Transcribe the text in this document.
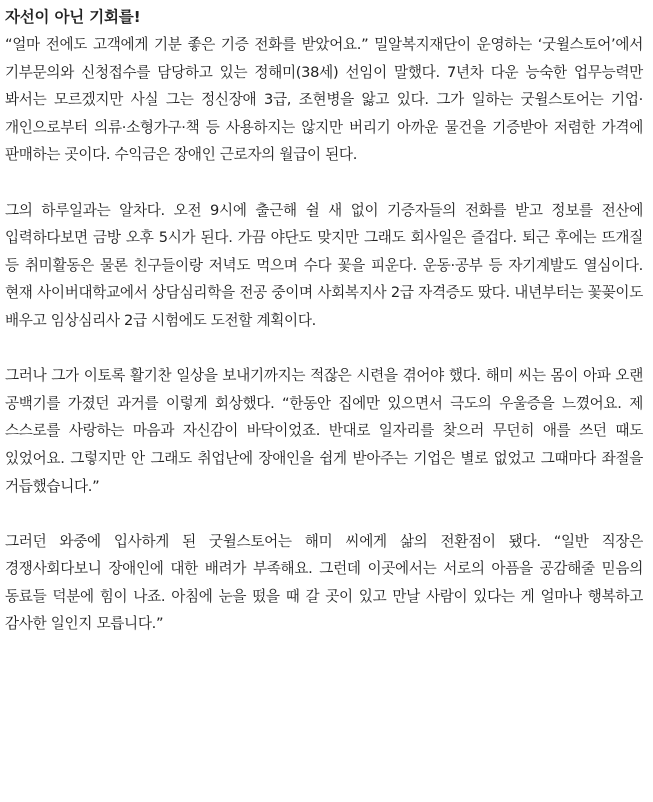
자선이 아닌 기회를!

“얼마 전에도 고객에게 기분 좋은 기증 전화를 받았어요.” 밀알복지재단이 운영하는 ‘굿윌스토어’에서 기부문의와 신청접수를 담당하고 있는 정해미(38세) 선임이 말했다. 7년차 다운 능숙한 업무능력만 봐서는 모르겠지만 사실 그는 정신장애 3급, 조현병을 앓고 있다. 그가 일하는 굿윌스토어는 기업·개인으로부터 의류·소형가구·책 등 사용하지는 않지만 버리기 아까운 물건을 기증받아 저렴한 가격에 판매하는 곳이다. 수익금은 장애인 근로자의 월급이 된다.

그의 하루일과는 알차다. 오전 9시에 출근해 쉴 새 없이 기증자들의 전화를 받고 정보를 전산에 입력하다보면 금방 오후 5시가 된다. 가끔 야단도 맞지만 그래도 회사일은 즐겁다. 퇴근 후에는 뜨개질 등 취미활동은 물론 친구들이랑 저녁도 먹으며 수다 꽃을 피운다. 운동·공부 등 자기계발도 열심이다. 현재 사이버대학교에서 상담심리학을 전공 중이며 사회복지사 2급 자격증도 땄다. 내년부터는 꽃꽂이도 배우고 임상심리사 2급 시험에도 도전할 계획이다.

그러나 그가 이토록 활기찬 일상을 보내기까지는 적잖은 시련을 겪어야 했다. 해미 씨는 몸이 아파 오랜 공백기를 가졌던 과거를 이렇게 회상했다. “한동안 집에만 있으면서 극도의 우울증을 느꼈어요. 제 스스로를 사랑하는 마음과 자신감이 바닥이었죠. 반대로 일자리를 찾으러 무던히 애를 쓰던 때도 있었어요. 그렇지만 안 그래도 취업난에 장애인을 쉽게 받아주는 기업은 별로 없었고 그때마다 좌절을 거듭했습니다.”

그러던 와중에 입사하게 된 굿윌스토어는 해미 씨에게 삶의 전환점이 됐다. “일반 직장은 경쟁사회다보니 장애인에 대한 배려가 부족해요. 그런데 이곳에서는 서로의 아픔을 공감해줄 믿음의 동료들 덕분에 힘이 나죠. 아침에 눈을 떴을 때 갈 곳이 있고 만날 사람이 있다는 게 얼마나 행복하고 감사한 일인지 모릅니다.”
